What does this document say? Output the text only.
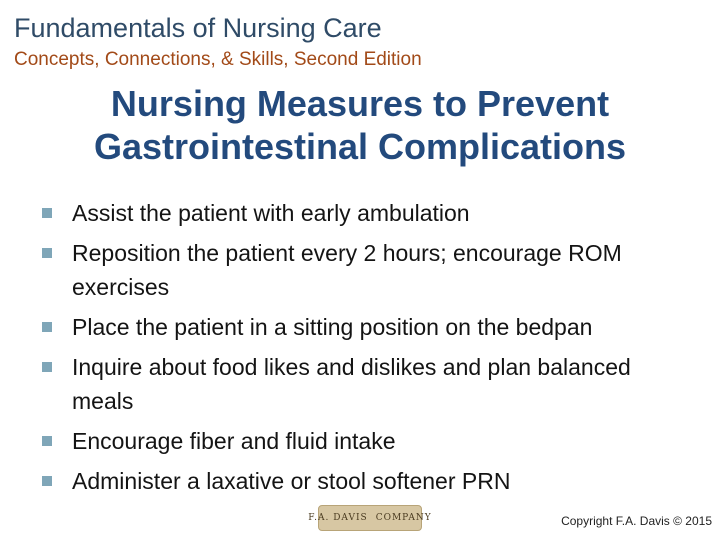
Fundamentals of Nursing Care
Concepts, Connections, & Skills, Second Edition
Nursing Measures to Prevent
Gastrointestinal Complications
Assist the patient with early ambulation
Reposition the patient every 2 hours; encourage ROM exercises
Place the patient in a sitting position on the bedpan
Inquire about food likes and dislikes and plan balanced meals
Encourage fiber and fluid intake
Administer a laxative or stool softener PRN
F.A. DAVIS COMPANY	Copyright F.A. Davis © 2015
